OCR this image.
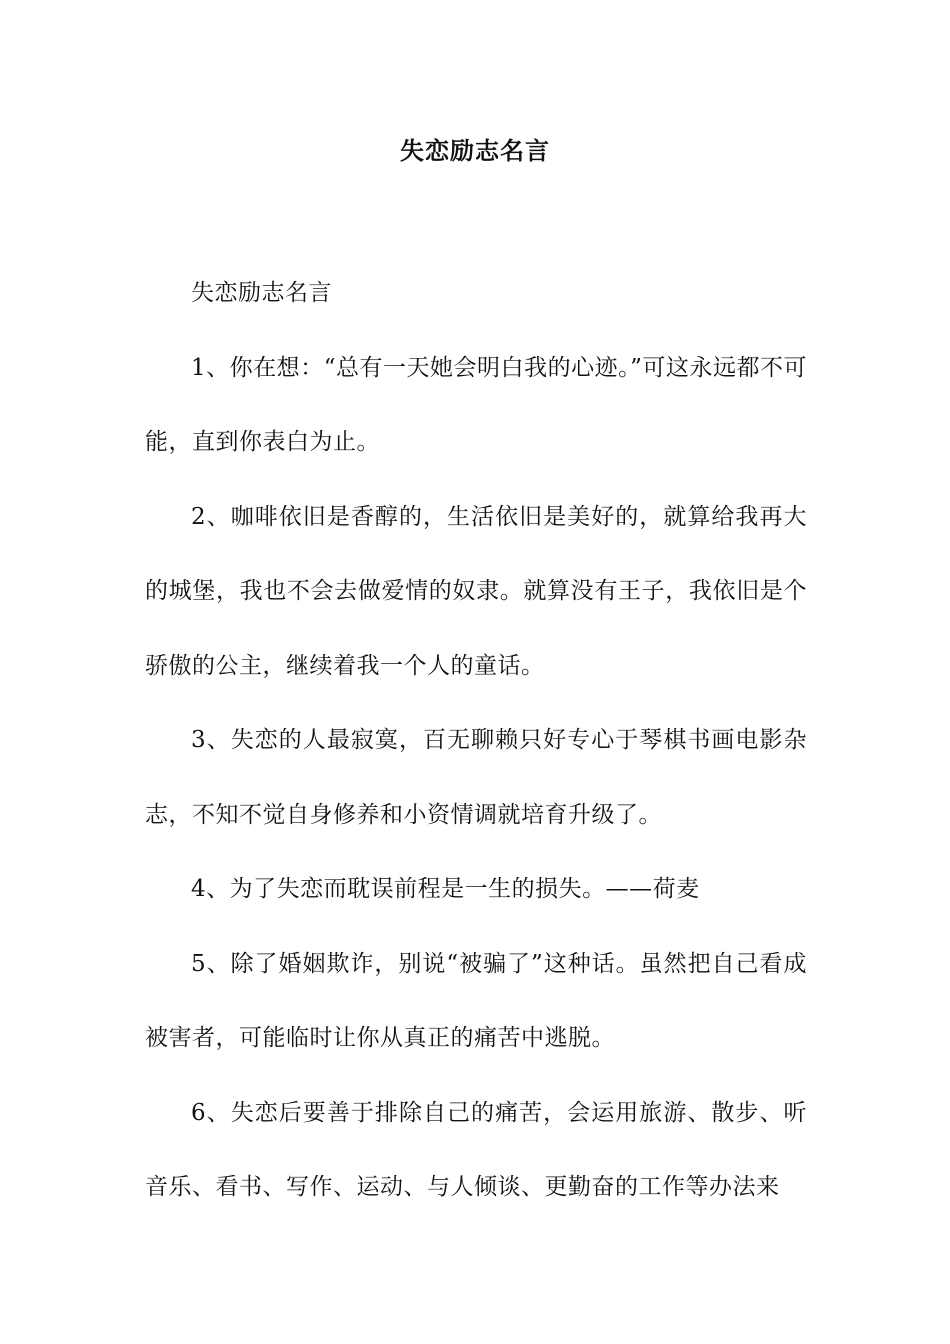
失恋励志名言

失恋励志名言

1、你在想：“总有一天她会明白我的心迹。”可这永远都不可能，直到你表白为止。

2、咖啡依旧是香醇的，生活依旧是美好的，就算给我再大的城堡，我也不会去做爱情的奴隶。就算没有王子，我依旧是个骄傲的公主，继续着我一个人的童话。

3、失恋的人最寂寞，百无聊赖只好专心于琴棋书画电影杂志，不知不觉自身修养和小资情调就培育升级了。

4、为了失恋而耽误前程是一生的损失。——荷麦

5、除了婚姻欺诈，别说“被骗了”这种话。虽然把自己看成被害者，可能临时让你从真正的痛苦中逃脱。

6、失恋后要善于排除自己的痛苦，会运用旅游、散步、听音乐、看书、写作、运动、与人倾谈、更勤奋的工作等办法来
